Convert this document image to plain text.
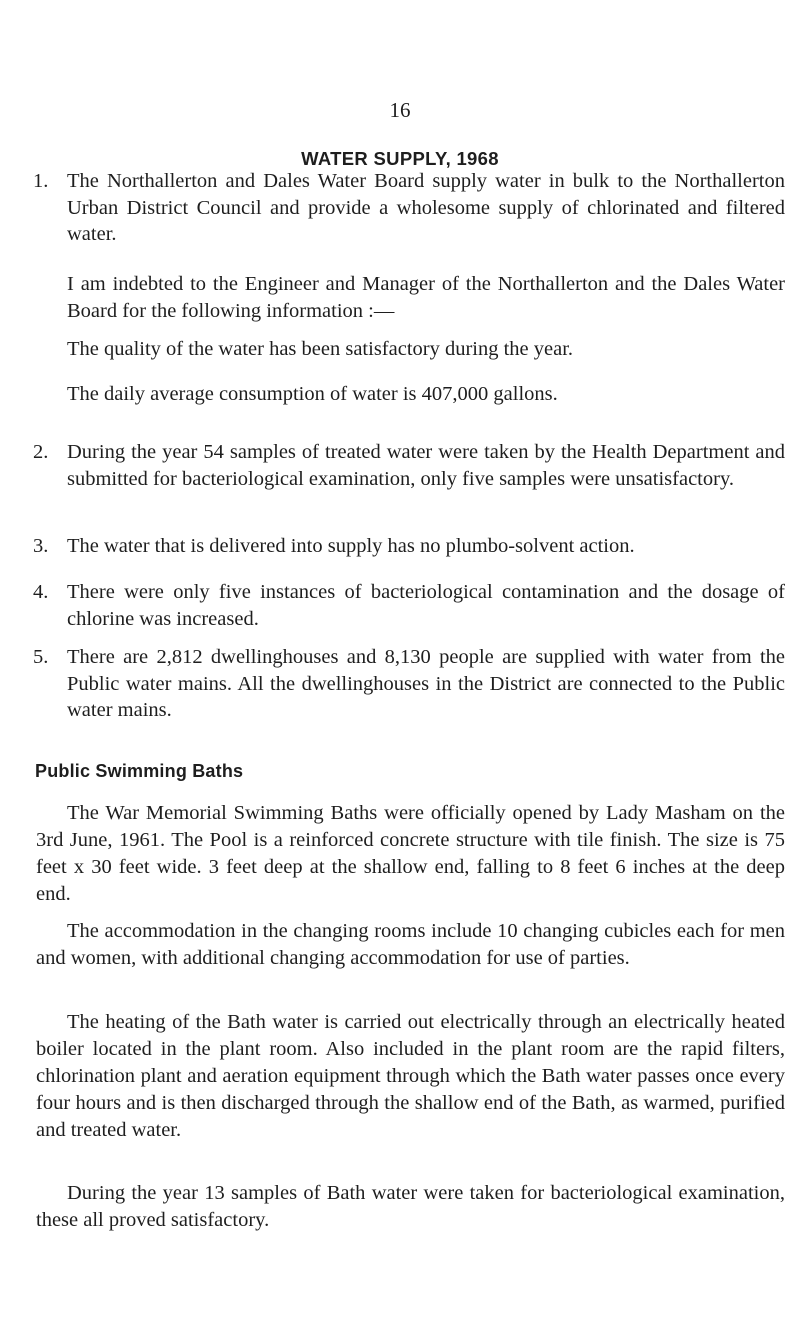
16
WATER SUPPLY, 1968
1. The Northallerton and Dales Water Board supply water in bulk to the Northallerton Urban District Council and provide a wholesome supply of chlorinated and filtered water.
I am indebted to the Engineer and Manager of the Northallerton and the Dales Water Board for the following information :—
The quality of the water has been satisfactory during the year.
The daily average consumption of water is 407,000 gallons.
2. During the year 54 samples of treated water were taken by the Health Department and submitted for bacteriological examination, only five samples were unsatisfactory.
3. The water that is delivered into supply has no plumbo-solvent action.
4. There were only five instances of bacteriological contamination and the dosage of chlorine was increased.
5. There are 2,812 dwellinghouses and 8,130 people are supplied with water from the Public water mains. All the dwellinghouses in the District are connected to the Public water mains.
Public Swimming Baths
The War Memorial Swimming Baths were officially opened by Lady Masham on the 3rd June, 1961. The Pool is a reinforced concrete structure with tile finish. The size is 75 feet x 30 feet wide. 3 feet deep at the shallow end, falling to 8 feet 6 inches at the deep end.
The accommodation in the changing rooms include 10 changing cubicles each for men and women, with additional changing accommodation for use of parties.
The heating of the Bath water is carried out electrically through an electrically heated boiler located in the plant room. Also included in the plant room are the rapid filters, chlorination plant and aeration equipment through which the Bath water passes once every four hours and is then discharged through the shallow end of the Bath, as warmed, purified and treated water.
During the year 13 samples of Bath water were taken for bacteriological examination, these all proved satisfactory.
